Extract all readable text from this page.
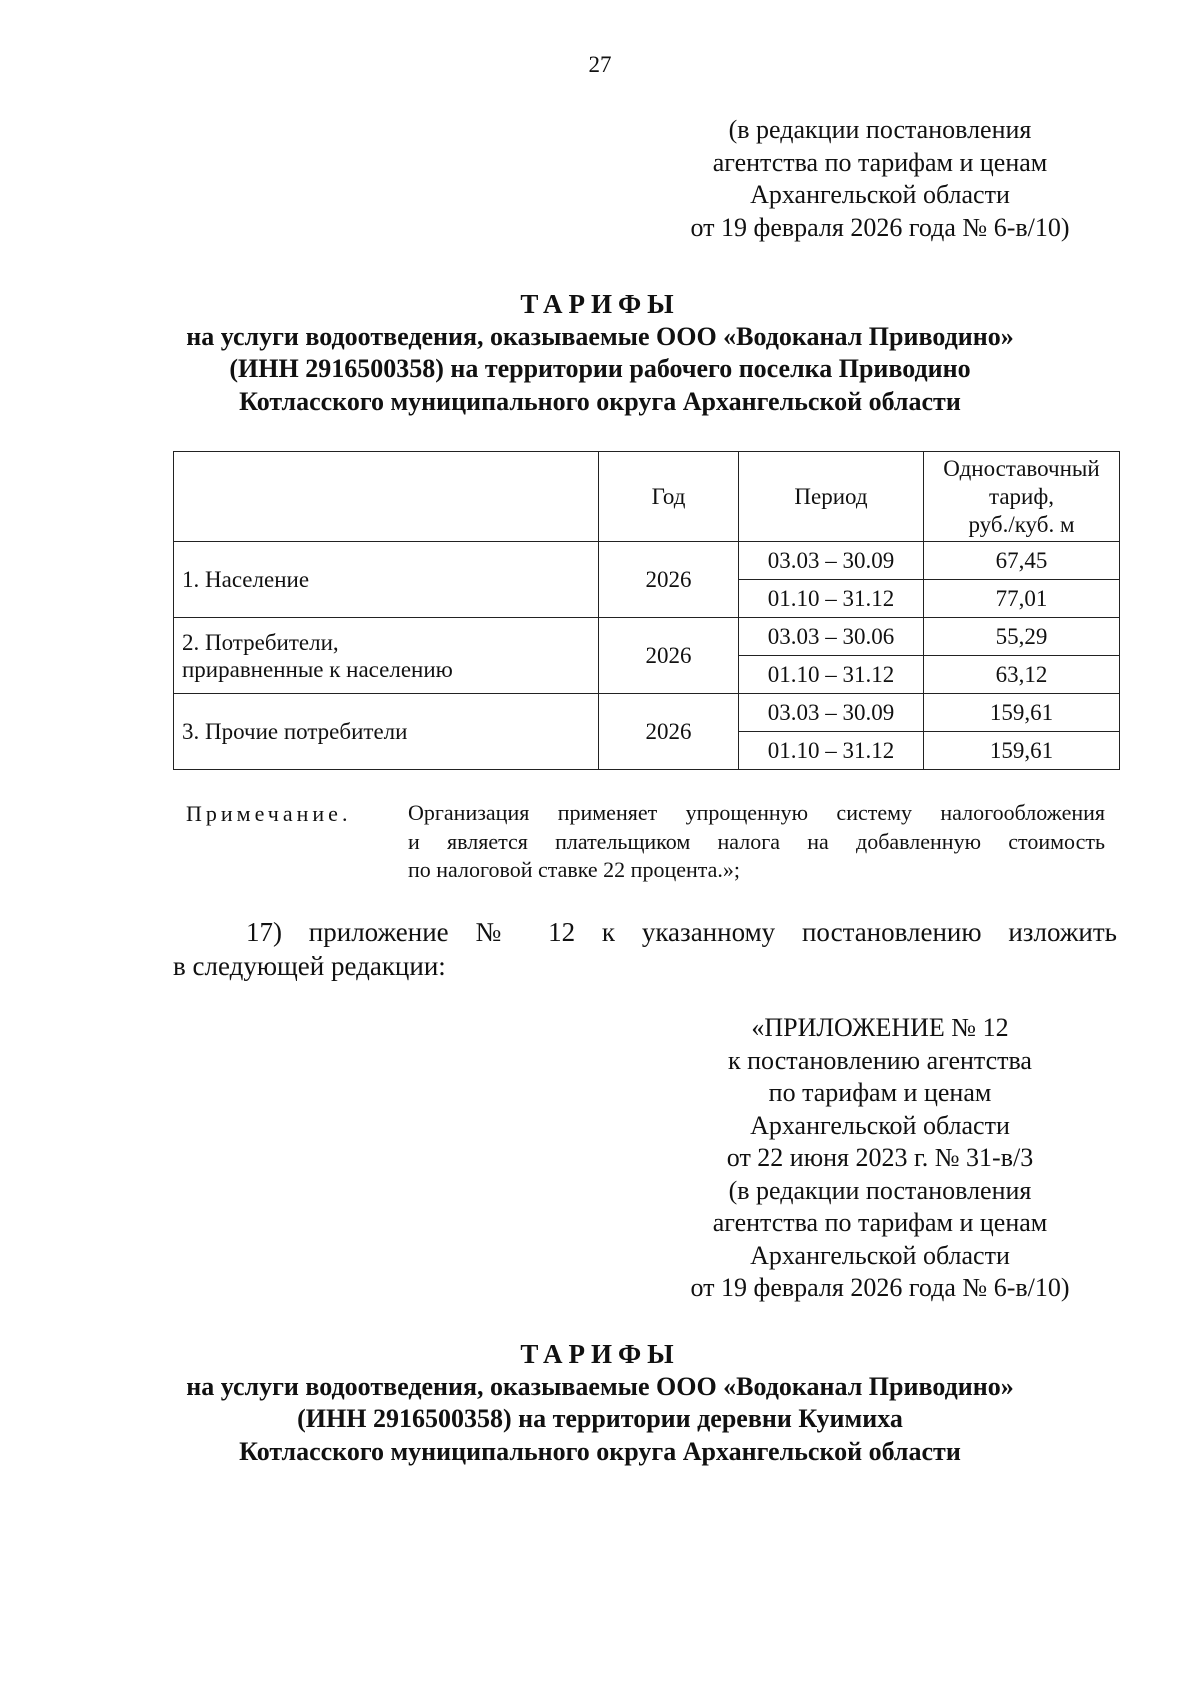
27
(в редакции постановления
агентства по тарифам и ценам
Архангельской области
от 19 февраля 2026 года № 6-в/10)
ТАРИФЫ
на услуги водоотведения, оказываемые ООО «Водоканал Приводино»
(ИНН 2916500358) на территории рабочего поселка Приводино
Котласского муниципального округа Архангельской области
	Год	Период	Одноставочный
тариф,
руб./куб. м

1. Население	2026	03.03 – 30.09	67,45
		01.10 – 31.12	77,01

2. Потребители,
приравненные к населению	2026	03.03 – 30.06	55,29
		01.10 – 31.12	63,12

3. Прочие потребители	2026	03.03 – 30.09	159,61
		01.10 – 31.12	159,61
Примечание.	Организация применяет упрощенную систему налогообложения
и является плательщиком налога на добавленную стоимость
по налоговой ставке 22 процента.»;
17) приложение № 12 к указанному постановлению изложить
в следующей редакции:
«ПРИЛОЖЕНИЕ № 12
к постановлению агентства
по тарифам и ценам
Архангельской области
от 22 июня 2023 г. № 31-в/3
(в редакции постановления
агентства по тарифам и ценам
Архангельской области
от 19 февраля 2026 года № 6-в/10)
ТАРИФЫ
на услуги водоотведения, оказываемые ООО «Водоканал Приводино»
(ИНН 2916500358) на территории деревни Куимиха
Котласского муниципального округа Архангельской области
